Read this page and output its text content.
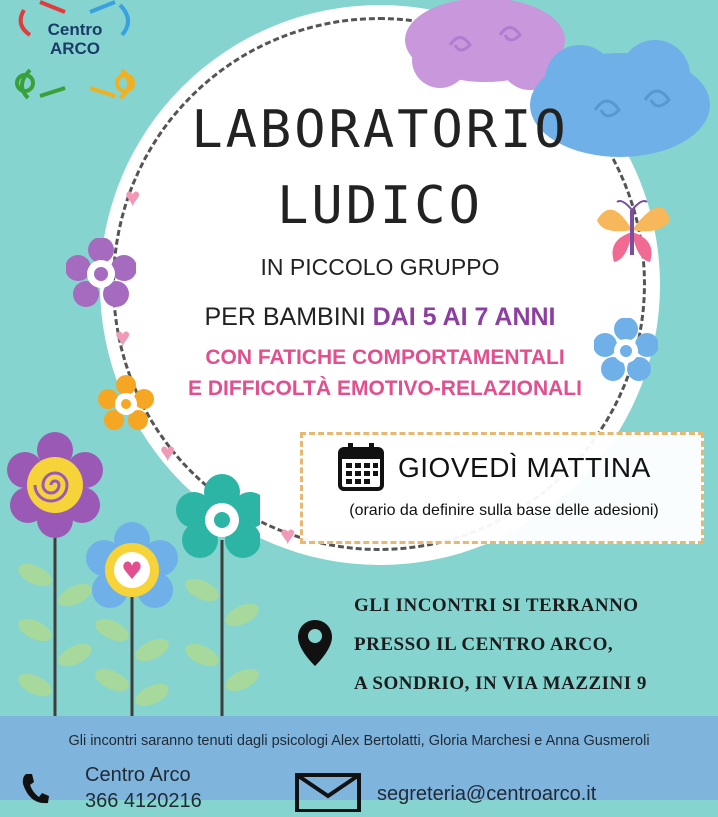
Centro
ARCO
♥
♥
♥
♥
LABORATORIO
LUDICO
IN PICCOLO GRUPPO
PER BAMBINI DAI 5 AI 7 ANNI
CON FATICHE COMPORTAMENTALI
E DIFFICOLTÀ EMOTIVO-RELAZIONALI
GIOVEDÌ MATTINA
(orario da definire sulla base delle adesioni)
♥
GLI INCONTRI SI TERRANNO
PRESSO IL CENTRO ARCO,
A SONDRIO, IN VIA MAZZINI 9
Gli incontri saranno tenuti dagli psicologi Alex Bertolatti, Gloria Marchesi e Anna Gusmeroli
Centro Arco
366 4120216	segreteria@centroarco.it
